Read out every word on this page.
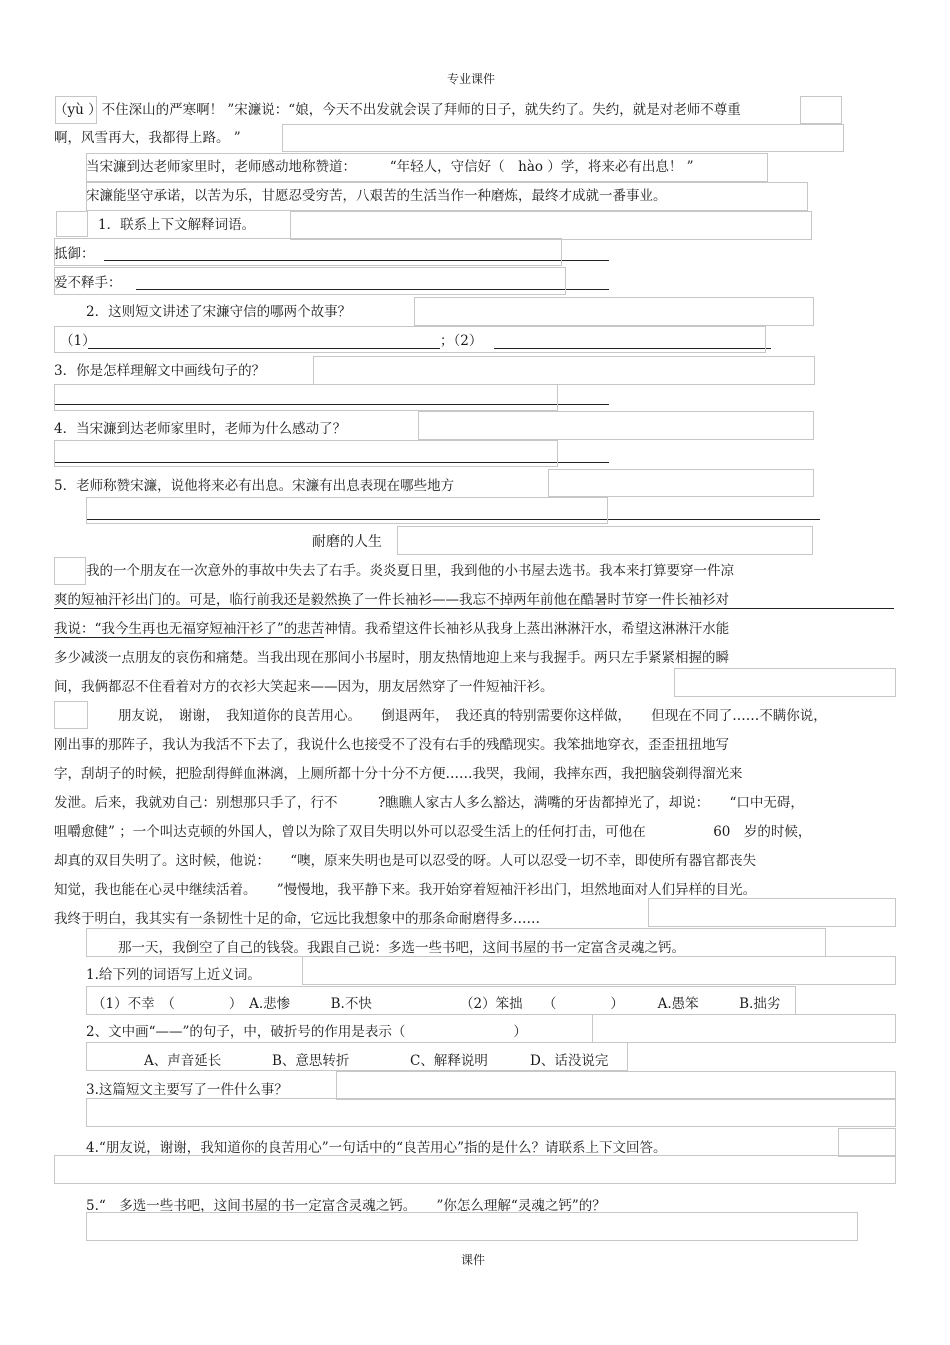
专业课件
（yù ）不住深山的严寒啊！ ”宋濂说：“娘，今天不出发就会误了拜师的日子，就失约了。失约，就是对老师不尊重
啊，风雪再大，我都得上路。 ”
当宋濂到达老师家里时，老师感动地称赞道：　　　“年轻人，守信好（　hào ）学，将来必有出息！ ”
宋濂能坚守承诺，以苦为乐，甘愿忍受穷苦，八艰苦的生活当作一种磨炼，最终才成就一番事业。
1．联系上下文解释词语。
抵御：
爱不释手：
2．这则短文讲述了宋濂守信的哪两个故事？
（1）	；（2）
3．你是怎样理解文中画线句子的？
4．当宋濂到达老师家里时，老师为什么感动了？
5．老师称赞宋濂，说他将来必有出息。宋濂有出息表现在哪些地方
耐磨的人生
我的一个朋友在一次意外的事故中失去了右手。炎炎夏日里，我到他的小书屋去选书。我本来打算要穿一件凉
爽的短袖汗衫出门的。可是，临行前我还是毅然换了一件长袖衫——我忘不掉两年前他在酷暑时节穿一件长袖衫对
我说：“我今生再也无福穿短袖汗衫了”的悲苦神情。我希望这件长袖衫从我身上蒸出淋淋汗水，希望这淋淋汗水能
多少减淡一点朋友的哀伤和痛楚。当我出现在那间小书屋时，朋友热情地迎上来与我握手。两只左手紧紧相握的瞬
间，我俩都忍不住看着对方的衣衫大笑起来——因为，朋友居然穿了一件短袖汗衫。
朋友说，　谢谢，　我知道你的良苦用心。　　倒退两年，　我还真的特别需要你这样做，　　但现在不同了……不瞒你说，
刚出事的那阵子，我认为我活不下去了，我说什么也接受不了没有右手的残酷现实。我笨拙地穿衣，歪歪扭扭地写
字，刮胡子的时候，把脸刮得鲜血淋漓，上厕所都十分十分不方便……我哭，我闹，我摔东西，我把脑袋剃得溜光来
发泄。后来，我就劝自己：别想那只手了，行不　　　?瞧瞧人家古人多么豁达，满嘴的牙齿都掉光了，却说：　　“口中无碍，
咀嚼愈健” ；一个叫达克顿的外国人，曾以为除了双目失明以外可以忍受生活上的任何打击，可他在　　　　　60　岁的时候，
却真的双目失明了。这时候，他说：　　“噢，原来失明也是可以忍受的呀。人可以忍受一切不幸，即使所有器官都丧失
知觉，我也能在心灵中继续活着。　　”慢慢地，我平静下来。我开始穿着短袖汗衫出门，坦然地面对人们异样的目光。
我终于明白，我其实有一条韧性十足的命，它远比我想象中的那条命耐磨得多……
那一天，我倒空了自己的钱袋。我跟自己说：多选一些书吧，这间书屋的书一定富含灵魂之钙。
1.给下列的词语写上近义词。
（1）不幸　（　　　　）　A.悲惨　　　B.不快	（2）笨拙　　（　　　　）　　　A.愚笨　　　B.拙劣
2、文中画“——”的句子，中，破折号的作用是表示（　　　　　　　　）
A、声音延长	B、意思转折	C、解释说明	D、话没说完
3.这篇短文主要写了一件什么事？
4.“朋友说，谢谢，我知道你的良苦用心”一句话中的“良苦用心”指的是什么？请联系上下文回答。
5.“　多选一些书吧，这间书屋的书一定富含灵魂之钙。　　”你怎么理解“灵魂之钙”的？
课件
